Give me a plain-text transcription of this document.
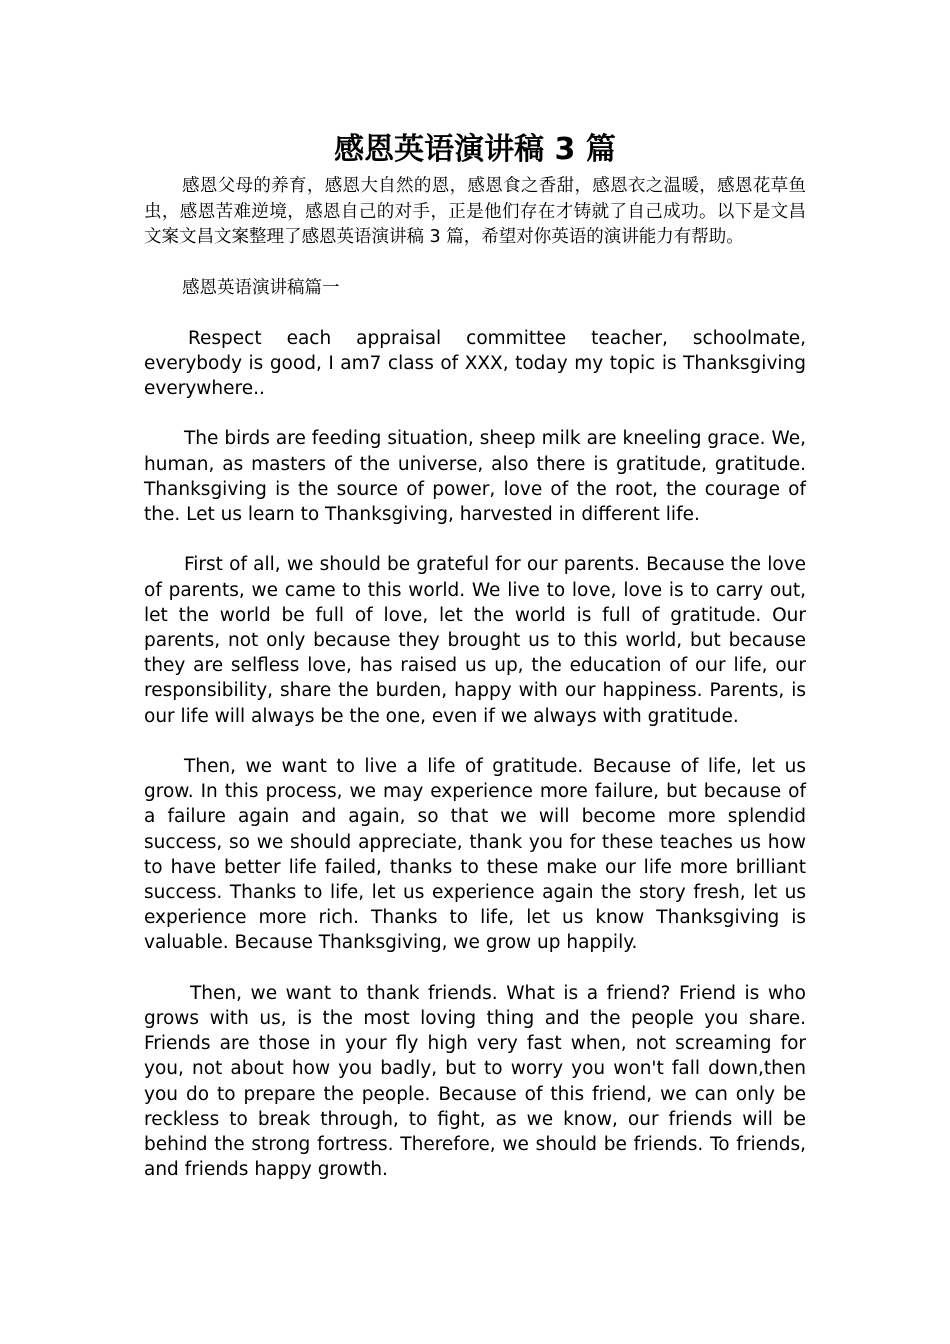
感恩英语演讲稿 3 篇

感恩父母的养育，感恩大自然的恩，感恩食之香甜，感恩衣之温暖，感恩花草鱼虫，感恩苦难逆境，感恩自己的对手，正是他们存在才铸就了自己成功。以下是文昌文案文昌文案整理了感恩英语演讲稿 3 篇，希望对你英语的演讲能力有帮助。

感恩英语演讲稿篇一

Respect each appraisal committee teacher, schoolmate, everybody is good, I am7 class of XXX, today my topic is Thanksgiving everywhere..

The birds are feeding situation, sheep milk are kneeling grace. We, human, as masters of the universe, also there is gratitude, gratitude. Thanksgiving is the source of power, love of the root, the courage of the. Let us learn to Thanksgiving, harvested in different life.

First of all, we should be grateful for our parents. Because the love of parents, we came to this world. We live to love, love is to carry out, let the world be full of love, let the world is full of gratitude. Our parents, not only because they brought us to this world, but because they are selfless love, has raised us up, the education of our life, our responsibility, share the burden, happy with our happiness. Parents, is our life will always be the one, even if we always with gratitude.

Then, we want to live a life of gratitude. Because of life, let us grow. In this process, we may experience more failure, but because of a failure again and again, so that we will become more splendid success, so we should appreciate, thank you for these teaches us how to have better life failed, thanks to these make our life more brilliant success. Thanks to life, let us experience again the story fresh, let us experience more rich. Thanks to life, let us know Thanksgiving is valuable. Because Thanksgiving, we grow up happily.

Then, we want to thank friends. What is a friend? Friend is who grows with us, is the most loving thing and the people you share. Friends are those in your fly high very fast when, not screaming for you, not about how you badly, but to worry you won't fall down,then you do to prepare the people. Because of this friend, we can only be reckless to break through, to fight, as we know, our friends will be behind the strong fortress. Therefore, we should be friends. To friends, and friends happy growth.
